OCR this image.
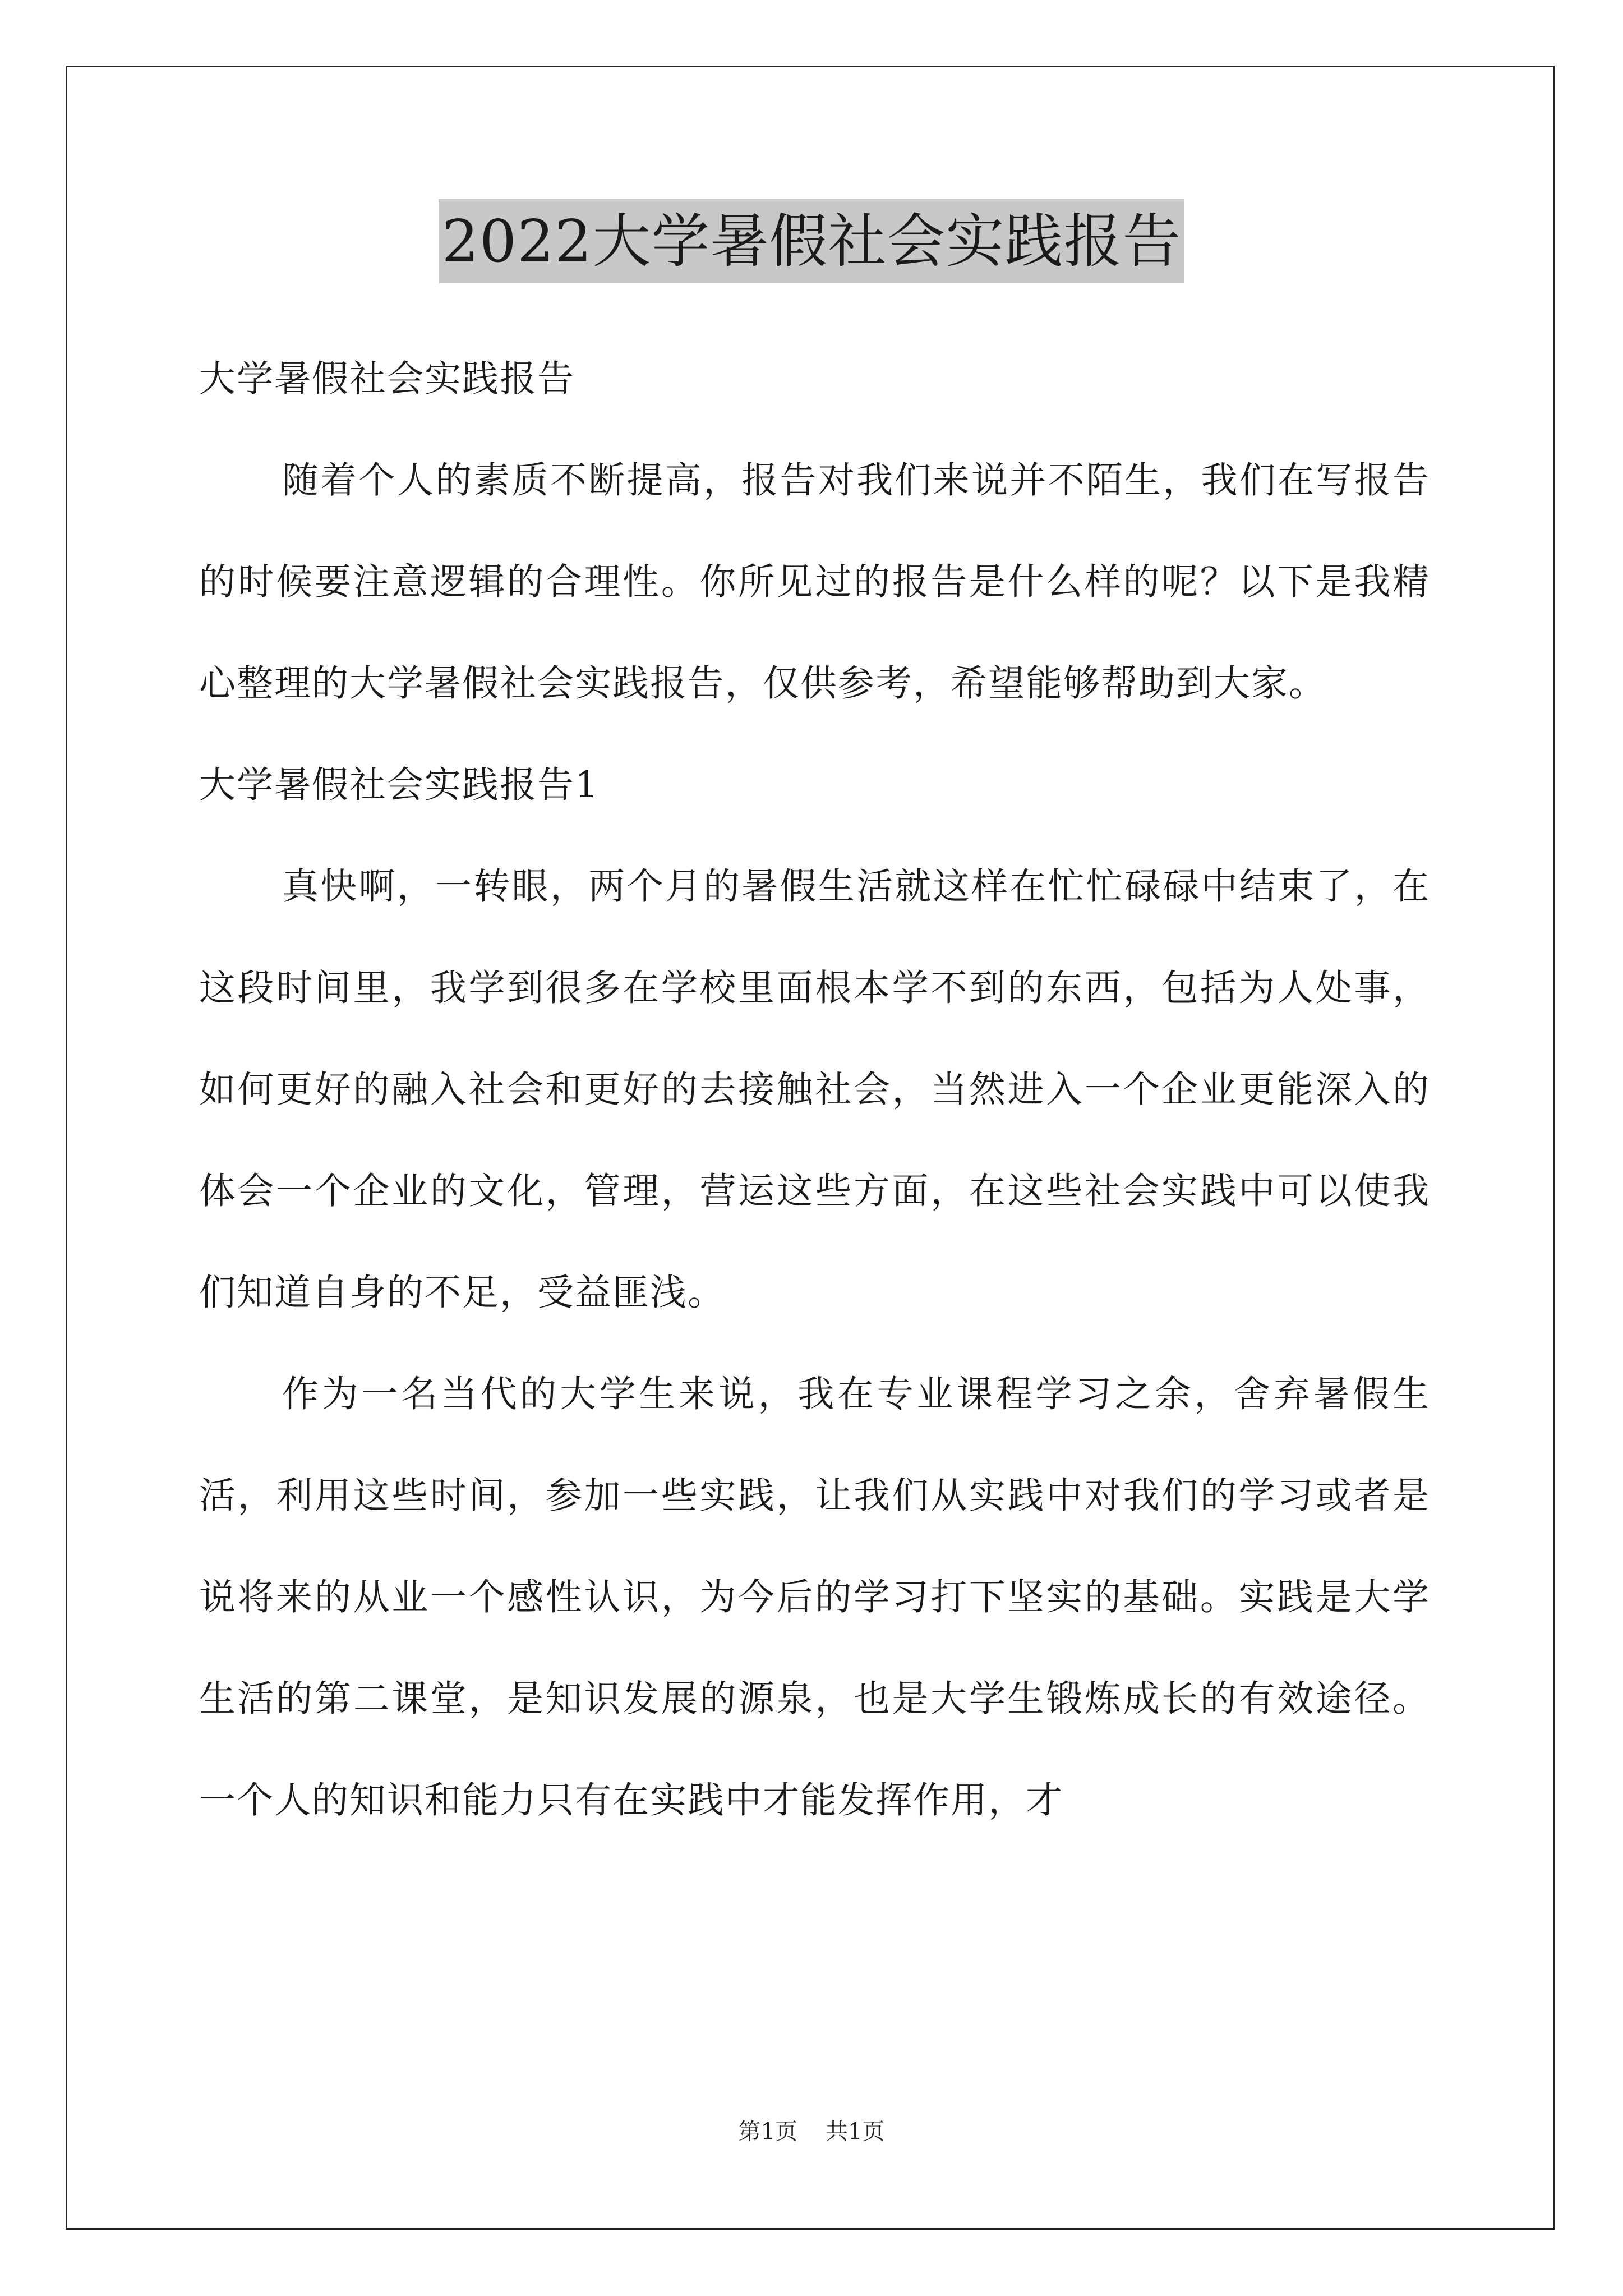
2022大学暑假社会实践报告

大学暑假社会实践报告

随着个人的素质不断提高，报告对我们来说并不陌生，我们在写报告的时候要注意逻辑的合理性。你所见过的报告是什么样的呢？以下是我精心整理的大学暑假社会实践报告，仅供参考，希望能够帮助到大家。

大学暑假社会实践报告1

真快啊，一转眼，两个月的暑假生活就这样在忙忙碌碌中结束了，在这段时间里，我学到很多在学校里面根本学不到的东西，包括为人处事，如何更好的融入社会和更好的去接触社会，当然进入一个企业更能深入的体会一个企业的文化，管理，营运这些方面，在这些社会实践中可以使我们知道自身的不足，受益匪浅。

作为一名当代的大学生来说，我在专业课程学习之余，舍弃暑假生活，利用这些时间，参加一些实践，让我们从实践中对我们的学习或者是说将来的从业一个感性认识，为今后的学习打下坚实的基础。实践是大学生活的第二课堂，是知识发展的源泉，也是大学生锻炼成长的有效途径。一个人的知识和能力只有在实践中才能发挥作用，才

第1页 共1页
